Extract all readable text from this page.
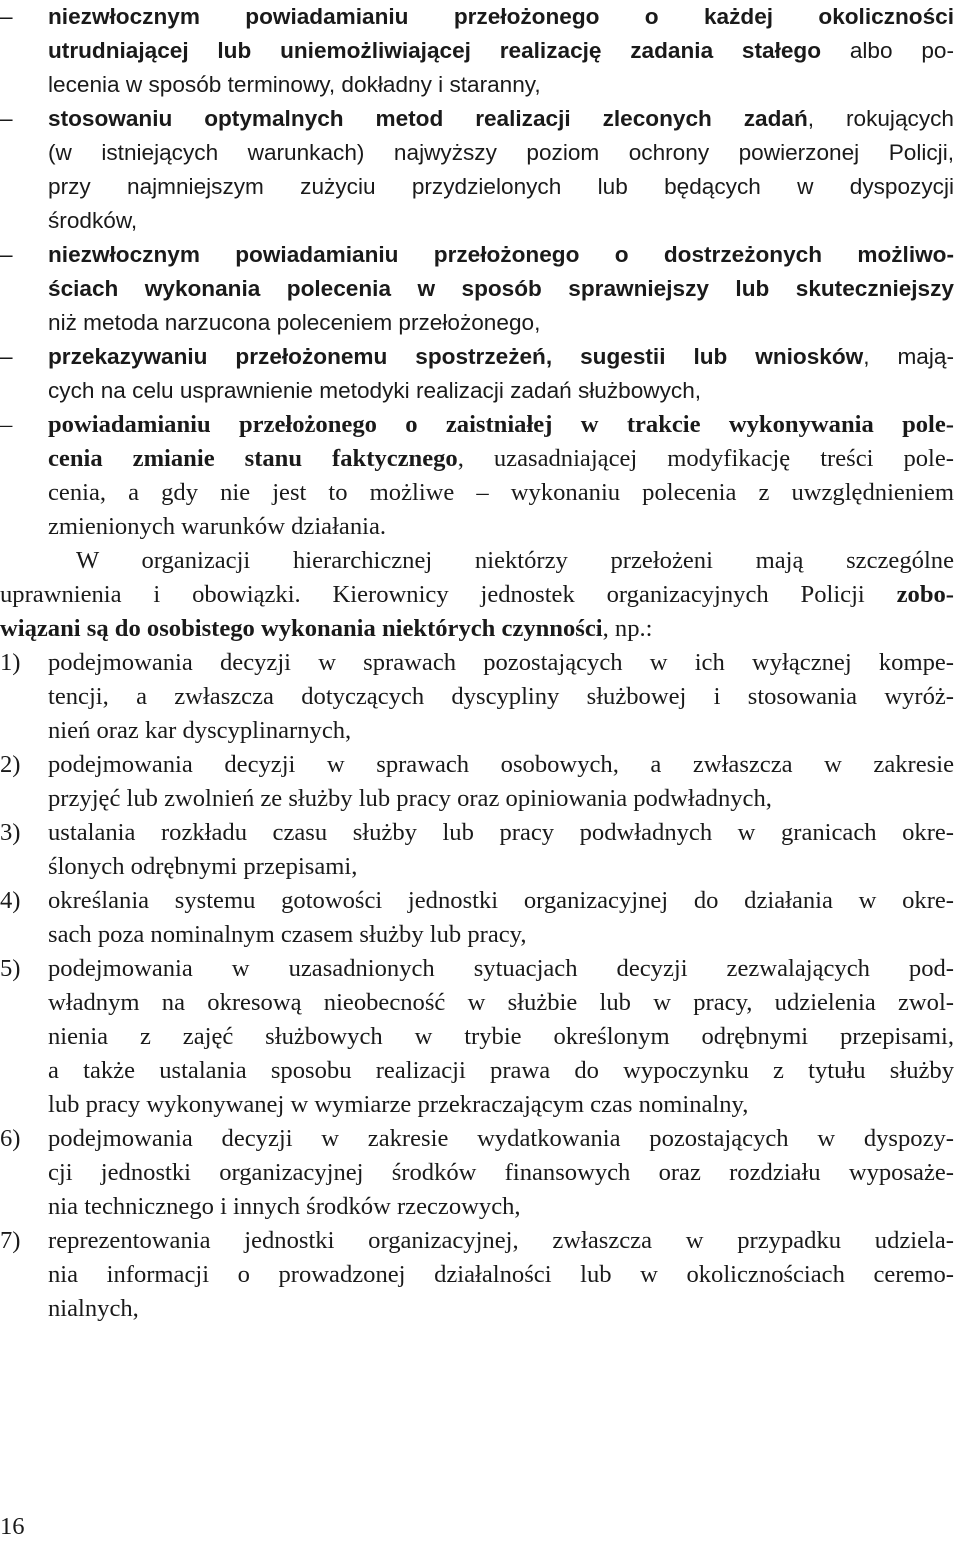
– niezwłocznym powiadamianiu przełożonego o każdej okoliczności
utrudniającej lub uniemożliwiającej realizację zadania stałego albo po-
lecenia w sposób terminowy, dokładny i staranny,
– stosowaniu optymalnych metod realizacji zleconych zadań, rokujących
(w istniejących warunkach) najwyższy poziom ochrony powierzonej Policji,
przy najmniejszym zużyciu przydzielonych lub będących w dyspozycji
środków,
– niezwłocznym powiadamianiu przełożonego o dostrzeżonych możliwo-
ściach wykonania polecenia w sposób sprawniejszy lub skuteczniejszy
niż metoda narzucona poleceniem przełożonego,
– przekazywaniu przełożonemu spostrzeżeń, sugestii lub wniosków, mają-
cych na celu usprawnienie metodyki realizacji zadań służbowych,
– powiadamianiu przełożonego o zaistniałej w trakcie wykonywania pole-
cenia zmianie stanu faktycznego, uzasadniającej modyfikację treści pole-
cenia, a gdy nie jest to możliwe – wykonaniu polecenia z uwzględnieniem
zmienionych warunków działania.
W organizacji hierarchicznej niektórzy przełożeni mają szczególne
uprawnienia i obowiązki. Kierownicy jednostek organizacyjnych Policji zobo-
wiązani są do osobistego wykonania niektórych czynności, np.:
1) podejmowania decyzji w sprawach pozostających w ich wyłącznej kompe-
tencji, a zwłaszcza dotyczących dyscypliny służbowej i stosowania wyróż-
nień oraz kar dyscyplinarnych,
2) podejmowania decyzji w sprawach osobowych, a zwłaszcza w zakresie
przyjęć lub zwolnień ze służby lub pracy oraz opiniowania podwładnych,
3) ustalania rozkładu czasu służby lub pracy podwładnych w granicach okre-
ślonych odrębnymi przepisami,
4) określania systemu gotowości jednostki organizacyjnej do działania w okre-
sach poza nominalnym czasem służby lub pracy,
5) podejmowania w uzasadnionych sytuacjach decyzji zezwalających pod-
władnym na okresową nieobecność w służbie lub w pracy, udzielenia zwol-
nienia z zajęć służbowych w trybie określonym odrębnymi przepisami,
a także ustalania sposobu realizacji prawa do wypoczynku z tytułu służby
lub pracy wykonywanej w wymiarze przekraczającym czas nominalny,
6) podejmowania decyzji w zakresie wydatkowania pozostających w dyspozy-
cji jednostki organizacyjnej środków finansowych oraz rozdziału wyposaże-
nia technicznego i innych środków rzeczowych,
7) reprezentowania jednostki organizacyjnej, zwłaszcza w przypadku udziela-
nia informacji o prowadzonej działalności lub w okolicznościach ceremo-
nialnych,
16
